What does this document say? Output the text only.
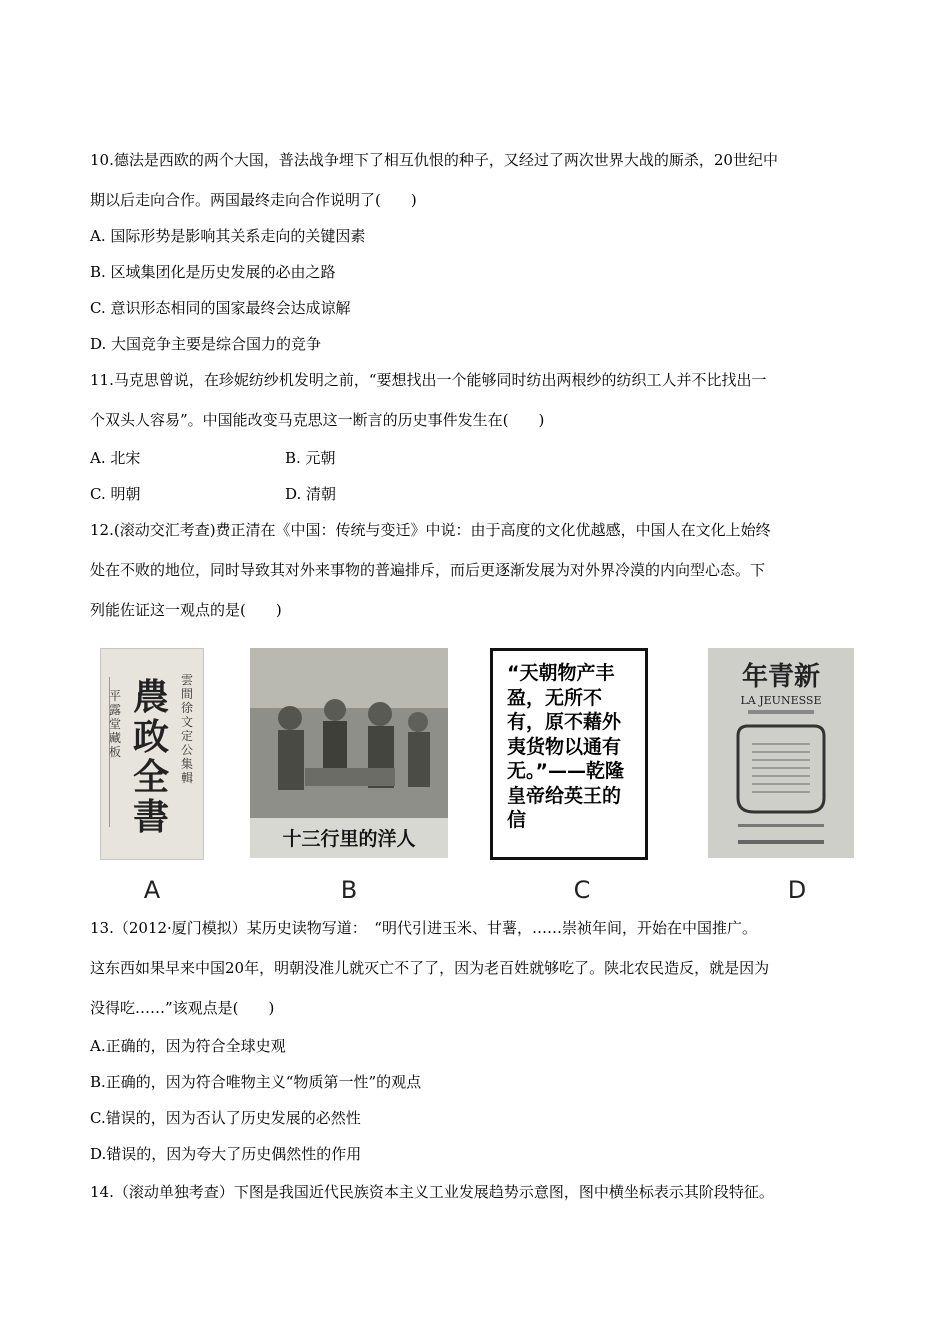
10.德法是西欧的两个大国，普法战争埋下了相互仇恨的种子，又经过了两次世界大战的厮杀，20世纪中
期以后走向合作。两国最终走向合作说明了(　　)
A. 国际形势是影响其关系走向的关键因素
B. 区域集团化是历史发展的必由之路
C. 意识形态相同的国家最终会达成谅解
D. 大国竞争主要是综合国力的竞争
11.马克思曾说，在珍妮纺纱机发明之前，“要想找出一个能够同时纺出两根纱的纺织工人并不比找出一
个双头人容易”。中国能改变马克思这一断言的历史事件发生在(　　)
A. 北宋	B. 元朝
C. 明朝	D. 清朝
12.(滚动交汇考查)费正清在《中国：传统与变迁》中说：由于高度的文化优越感，中国人在文化上始终
处在不败的地位，同时导致其对外来事物的普遍排斥，而后更逐渐发展为对外界冷漠的内向型心态。下
列能佐证这一观点的是(　　)
平露堂藏板
農政全書
雲間徐文定公集輯
A
十三行里的洋人
B
“天朝物产丰盈，无所不有，原不藉外夷货物以通有无。”——乾隆皇帝给英王的信
C
新青年
LA JEUNESSE
D
13.（2012·厦门模拟）某历史读物写道：　“明代引进玉米、甘薯，……崇祯年间，开始在中国推广。
这东西如果早来中国20年，明朝没准儿就灭亡不了了，因为老百姓就够吃了。陕北农民造反，就是因为
没得吃……”该观点是(　　)
A.正确的，因为符合全球史观
B.正确的，因为符合唯物主义“物质第一性”的观点
C.错误的，因为否认了历史发展的必然性
D.错误的，因为夸大了历史偶然性的作用
14.（滚动单独考查）下图是我国近代民族资本主义工业发展趋势示意图，图中横坐标表示其阶段特征。
